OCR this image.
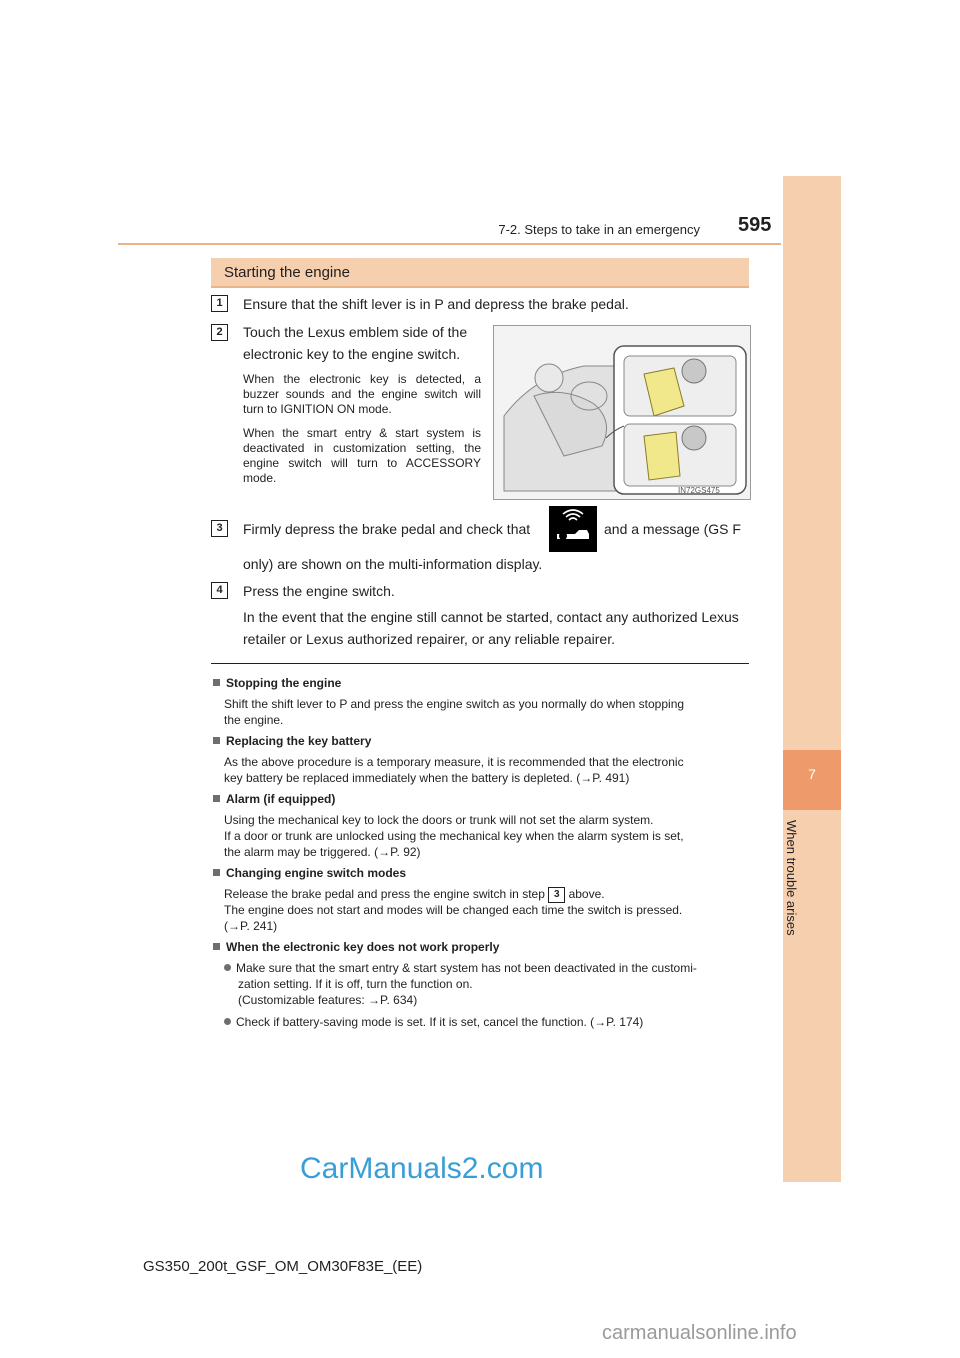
7-2. Steps to take in an emergency 595
7
When trouble arises
Starting the engine
1	Ensure that the shift lever is in P and depress the brake pedal.
2	Touch the Lexus emblem side of the electronic key to the engine switch.
When the electronic key is detected, a buzzer sounds and the engine switch will turn to IGNITION ON mode.
When the smart entry & start system is deactivated in customization setting, the engine switch will turn to ACCESSORY mode.
IN72GS475
3	Firmly depress the brake pedal and check that	and a message (GS F
only) are shown on the multi-information display.
4	Press the engine switch.
In the event that the engine still cannot be started, contact any authorized Lexus
retailer or Lexus authorized repairer, or any reliable repairer.
Stopping the engine
Shift the shift lever to P and press the engine switch as you normally do when stopping
the engine.
Replacing the key battery
As the above procedure is a temporary measure, it is recommended that the electronic
key battery be replaced immediately when the battery is depleted. (→P. 491)
Alarm (if equipped)
Using the mechanical key to lock the doors or trunk will not set the alarm system.
If a door or trunk are unlocked using the mechanical key when the alarm system is set,
the alarm may be triggered. (→P. 92)
Changing engine switch modes
Release the brake pedal and press the engine switch in step 3 above.
The engine does not start and modes will be changed each time the switch is pressed.
(→P. 241)
When the electronic key does not work properly
Make sure that the smart entry & start system has not been deactivated in the customi-
zation setting. If it is off, turn the function on.
(Customizable features: →P. 634)
Check if battery-saving mode is set. If it is set, cancel the function. (→P. 174)
CarManuals2.com
GS350_200t_GSF_OM_OM30F83E_(EE)
carmanualsonline.info
